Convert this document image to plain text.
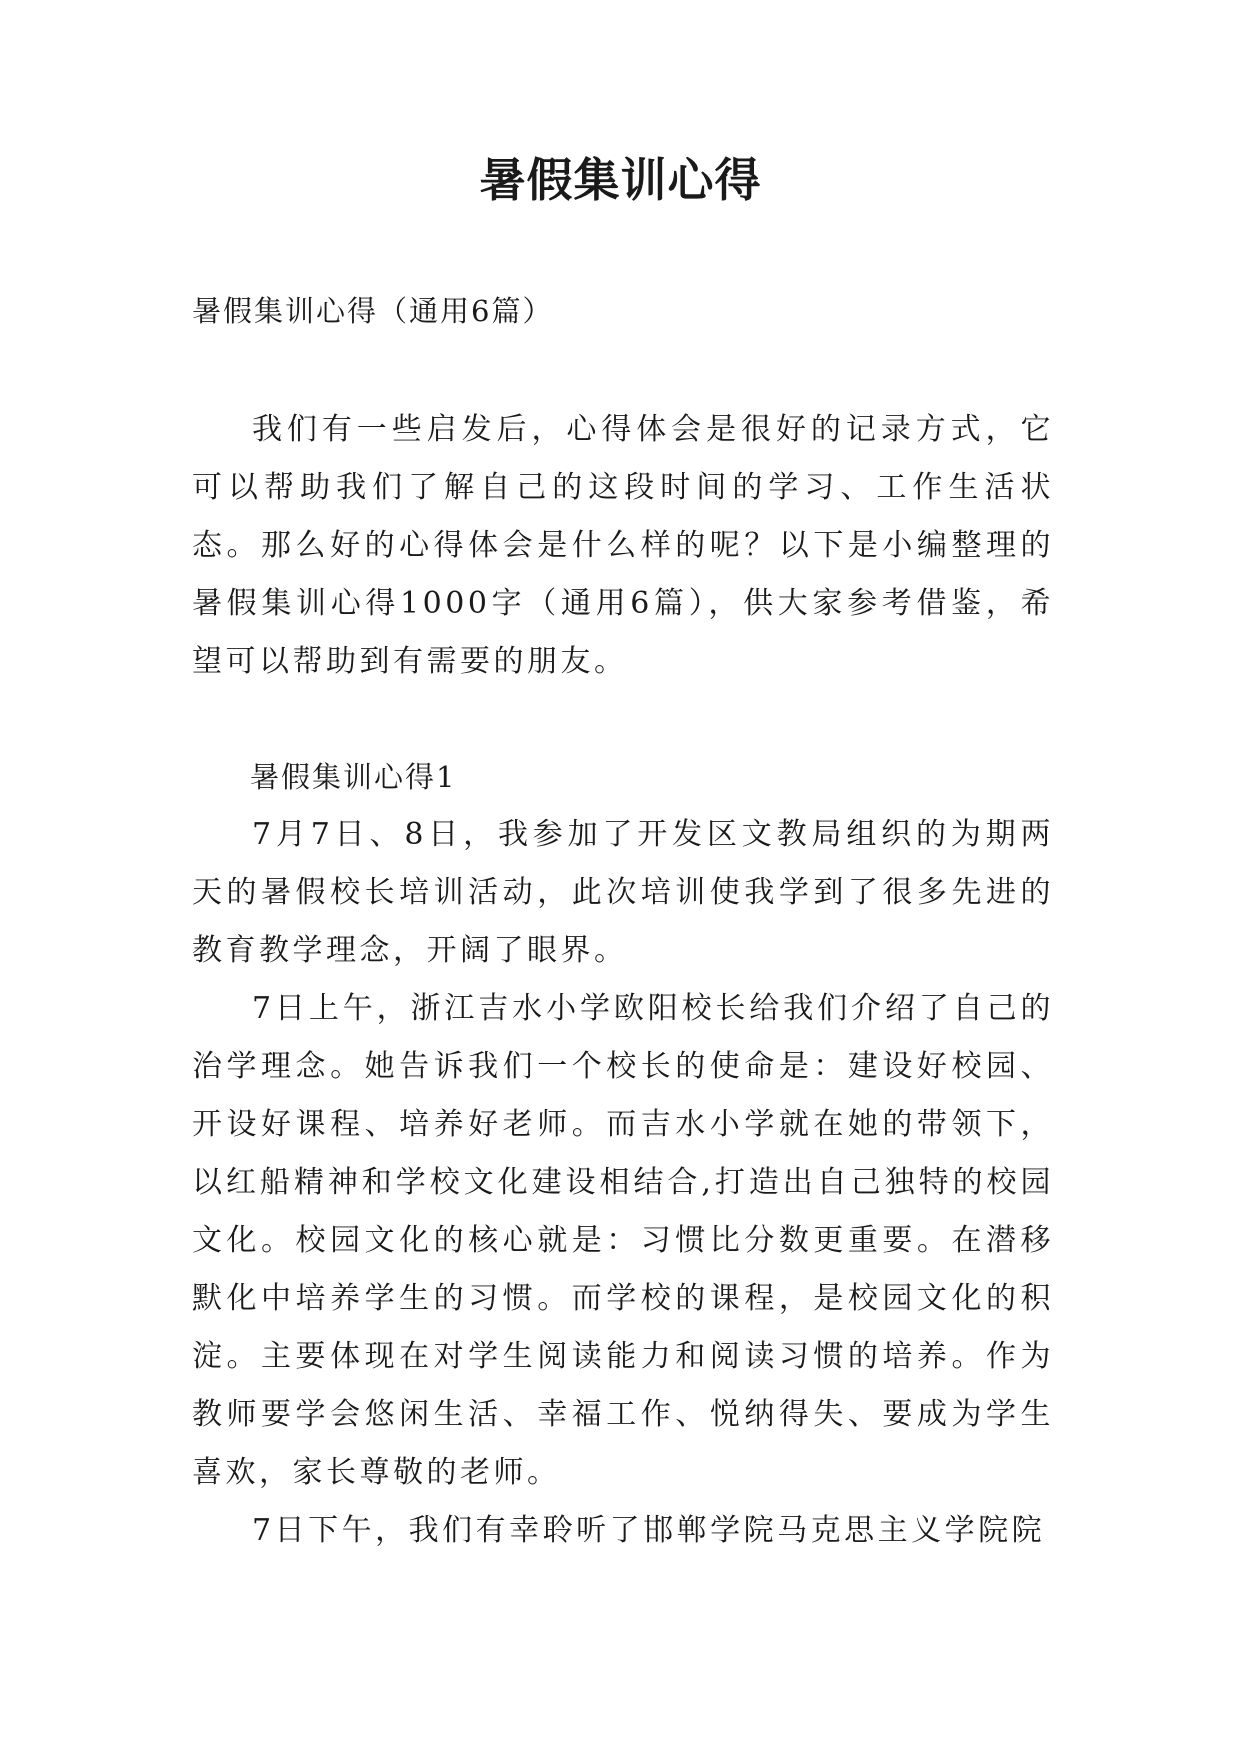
暑假集训心得
暑假集训心得（通用6篇）

我们有一些启发后，心得体会是很好的记录方式，它可以帮助我们了解自己的这段时间的学习、工作生活状态。那么好的心得体会是什么样的呢？以下是小编整理的暑假集训心得1000字（通用6篇），供大家参考借鉴，希望可以帮助到有需要的朋友。

暑假集训心得1

7月7日、8日，我参加了开发区文教局组织的为期两天的暑假校长培训活动，此次培训使我学到了很多先进的教育教学理念，开阔了眼界。

7日上午，浙江吉水小学欧阳校长给我们介绍了自己的治学理念。她告诉我们一个校长的使命是：建设好校园、开设好课程、培养好老师。而吉水小学就在她的带领下，以红船精神和学校文化建设相结合,打造出自己独特的校园文化。校园文化的核心就是：习惯比分数更重要。在潜移默化中培养学生的习惯。而学校的课程，是校园文化的积淀。主要体现在对学生阅读能力和阅读习惯的培养。作为教师要学会悠闲生活、幸福工作、悦纳得失、要成为学生喜欢，家长尊敬的老师。

7日下午，我们有幸聆听了邯郸学院马克思主义学院院
